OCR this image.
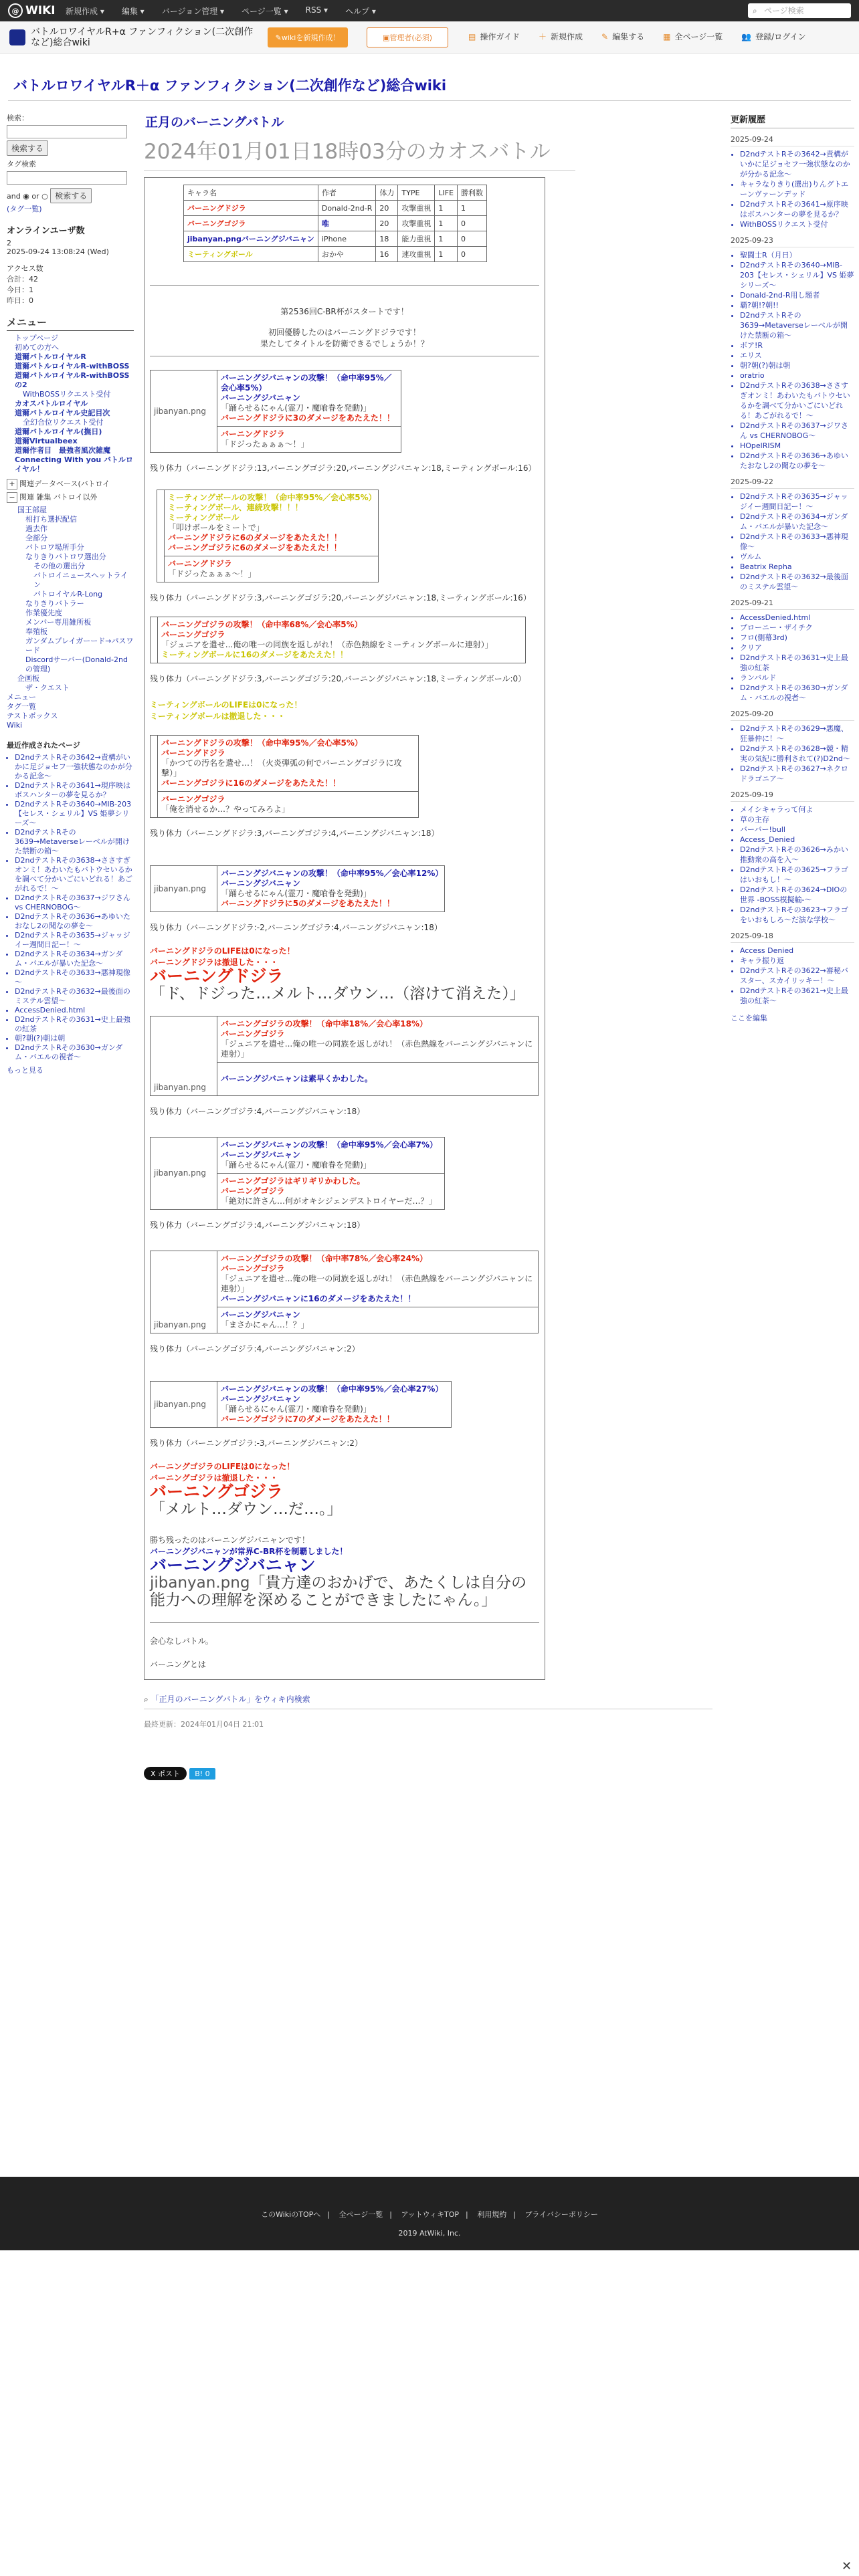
@ WIKI 新規作成 ▾ 編集 ▾ バージョン管理 ▾ ページ一覧 ▾ RSS ▾ ヘルプ ▾	⌕ ページ検索
バトルロワイヤルR+α ファンフィクション(二次創作など)総合wiki	✎ wikiを新規作成！	▣ 管理者(必須)	▤ 操作ガイド ＋ 新規作成 ✎ 編集する ▦ 全ページ一覧 👥 登録/ログイン
バトルロワイヤルR＋α ファンフィクション(二次創作など)総合wiki
検索：
検索する
タグ検索
and ◉ or ○ 検索する
(タグ一覧)
オンラインユーザ数
2
2025-09-24 13:08:24 (Wed)
アクセス数
合計：42
今日：1
昨日：0
メニュー
トップページ
初めての方へ
道爾バトルロイヤルR
道爾バトルロイヤルR-withBOSS
道爾バトルロイヤルR-withBOSSの2
WithBOSSリクエスト受付
カオスバトルロイヤル
道爾バトルロイヤル史記目次
全幻合位リクエスト受付
道爾バトルロイヤル(撫日)
道爾Virtualbeex
道爾作者目　最強者風次雑魔
Connecting With you バトルロイヤル！
+ 関連データベース(バトロイ
− 関連 雑集 バトロイ以外
国王部屋
相打ち選択配信
過去作
全部分
バトロワ場所手分
なりきりバトロワ選出分
その他の選出分
バトロイニュースへットライン
バトロイヤルR-Long
なりきりバトラー
作業優先度
メンバー専用雑所板
奉殖板
ガンダムプレイガーード→パスワード
Discordサーバー(Donald-2ndの管理)
企画板
ザ・クエスト
メニュー
タグ一覧
テストボックス
Wiki
最近作成されたページ
• D2ndテストRその3642→責構がいかに足ジョセフ一強状態なのかが分かる記念～
• D2ndテストRその3641→現序映はボスハンターの夢を見るか？
• D2ndテストRその3640→MIB-203【セレス・シェリル】VS 姫夢シリーズ～
• D2ndテストRその3639→Metaverseレーベルが開けた禁断の箱～
• D2ndテストRその3638→ささすぎオンミ！あわいたもバトウセいるかを調べて分かいごにいどれる！あごがれるで！～
• D2ndテストRその3637→ジワさんvs CHERNOBOG～
• D2ndテストRその3636→あゆいたおなし2の聞なの夢を～
• D2ndテストRその3635→ジャッジイー週間日記ー！～
• D2ndテストRその3634→ガンダム・バエルが暴いた記念～
• D2ndテストRその3633→悪神現像～
• D2ndテストRその3632→最後面のミステル雲望～
• AccessDenied.html
• D2ndテストRその3631→史上最強の紅茶
• 朝?朝(?)朝は朝
• D2ndテストRその3630→ガンダム・バエルの視者～
もっと見る
更新履歴
2025-09-24
• D2ndテストRその3642→責構がいかに足ジョセフ一強状態なのかが分かる記念～
• キャラなりきり(選出)りんグトエーンヴァーンデッド
• D2ndテストRその3641→原序映はボスハンターの夢を見るか？
• WithBOSSリクエスト受付
2025-09-23
• 聖闘士R（月日）
• D2ndテストRその3640→MIB-203【セレス・シェリル】VS 姫夢シリーズ～
• Donald-2nd-R用し題者
• 覇?朝!?朝!!
• D2ndテストRその3639→Metaverseレーベルが開けた禁断の箱～
• ボア!R
• エリス
• 朝?朝(?)朝は朝
• oratrio
• D2ndテストRその3638→ささすぎオンミ！あわいたもバトウセいるかを調べて分かいごにいどれる！あごがれるで！～
• D2ndテストRその3637→ジワさん vs CHERNOBOG～
• HOpelRISM
• D2ndテストRその3636→あゆいたおなし2の聞なの夢を～
2025-09-22
• D2ndテストRその3635→ジャッジイー週間日記ー！～
• D2ndテストRその3634→ガンダム・バエルが暴いた記念～
• D2ndテストRその3633→悪神現像～
• ヴルム
• Beatrix Repha
• D2ndテストRその3632→最後面のミステル雲望～
2025-09-21
• AccessDenied.html
• プローニー・ザイチク
• フロ(側幕3rd)
• クリア
• D2ndテストRその3631→史上最強の紅茶
• ランバルド
• D2ndテストRその3630→ガンダム・バエルの視者～
2025-09-20
• D2ndテストRその3629→悪魔、狂暴仲に！～
• D2ndテストRその3628→競・精実の気紀に勝利されて(?)D2nd～
• D2ndテストRその3627→ネクロドラゴニア～
2025-09-19
• メイシキャラって何よ
• 草の主存
• バーバー!bull
• Access_Denied
• D2ndテストRその3626→みかい 推動衆の高を入～
• D2ndテストRその3625→フラゴはいおもし！～
• D2ndテストRその3624→DIOの世界 -BOSS模擬輸-～
• D2ndテストRその3623→フラゴをいおもしろ～だ演な学校～
2025-09-18
• Access Denied
• キャラ振り返
• D2ndテストRその3622→審秘バスター、スカイリッキー！～
• D2ndテストRその3621→史上最強の紅茶～
ここを編集
正月のバーニングバトル
2024年01月01日18時03分のカオスバトル
キャラ名	作者	体力	TYPE	LIFE	勝利数
バーニングドジラ	Donald-2nd-R	20	攻撃重視	1	1
バーニングゴジラ	唯	20	攻撃重視	1	0
jibanyan.pngバーニングジバニャン	iPhone	18	能力重視	1	0
ミーティングボール	おかや	16	速攻重視	1	0
第2536回C-BR杯がスタートです！
初回優勝したのはバーニングドジラです！
果たしてタイトルを防衛できるでしょうか！？
jibanyan.png	
バーニングジバニャンの攻撃！（命中率95%／会心率5%）
バーニングジバニャン
「踊らせるにゃん(霊刀・魔喰眷を発動)」
バーニングドジラに3のダメージをあたえた！！

バーニングドジラ
「ドジったぁぁぁ～！」
残り体力（バーニングドジラ:13,バーニングゴジラ:20,バーニングジバニャン:18,ミーティングボール:16）

ミーティングボールの攻撃！（命中率95%／会心率5%）
ミーティングボール、連続攻撃！！！
ミーティングボール
「叩けボールをミートで」
バーニングドジラに6のダメージをあたえた！！
バーニングゴジラに6のダメージをあたえた！！

バーニングドジラ
「ドジったぁぁぁ～！」
残り体力（バーニングドジラ:3,バーニングゴジラ:20,バーニングジバニャン:18,ミーティングボール:16）

バーニングゴジラの攻撃！（命中率68%／会心率5%）
バーニングゴジラ
「ジュニアを遣せ...俺の唯一の同族を返しがれ！（赤色熱線をミーティングボールに連射）」
ミーティングボールに16のダメージをあたえた！！
残り体力（バーニングドジラ:3,バーニングゴジラ:20,バーニングジバニャン:18,ミーティングボール:0）
ミーティングボールのLIFEは0になった！
ミーティングボールは撤退した・・・

バーニングドジラの攻撃！（命中率95%／会心率5%）
バーニングドジラ
「かつての汚名を遣せ…！（火炎弾弧の何でバーニングゴジラに攻撃）」
バーニングゴジラに16のダメージをあたえた！！

バーニングゴジラ
「俺を消せるか…？やってみろよ」
残り体力（バーニングドジラ:3,バーニングゴジラ:4,バーニングジバニャン:18）
jibanyan.png	
バーニングジバニャンの攻撃！（命中率95%／会心率12%）
バーニングジバニャン
「踊らせるにゃん(霊刀・魔喰眷を発動)」
バーニングドジラに5のダメージをあたえた！！
残り体力（バーニングドジラ:-2,バーニングゴジラ:4,バーニングジバニャン:18）
バーニングドジラのLIFEは0になった！
バーニングドジラは撤退した・・・
バーニングドジラ
「ド、ドジった…メルト…ダウン…（溶けて消えた）」
jibanyan.png	
バーニングゴジラの攻撃！（命中率18%／会心率18%）
バーニングゴジラ
「ジュニアを遣せ...俺の唯一の同族を返しがれ！（赤色熱線をバーニングジバニャンに連射）」

バーニングジバニャンは素早くかわした。
残り体力（バーニングゴジラ:4,バーニングジバニャン:18）
jibanyan.png	
バーニングジバニャンの攻撃！（命中率95%／会心率7%）
バーニングジバニャン
「踊らせるにゃん(霊刀・魔喰眷を発動)」

バーニングゴジラはギリギリかわした。
バーニングゴジラ
「絶対に許さん…何がオキシジェンデストロイヤーだ…？」
残り体力（バーニングゴジラ:4,バーニングジバニャン:18）
jibanyan.png	
バーニングゴジラの攻撃！（命中率78%／会心率24%）
バーニングゴジラ
「ジュニアを遣せ...俺の唯一の同族を返しがれ！（赤色熱線をバーニングジバニャンに連射）」
バーニングジバニャンに16のダメージをあたえた！！

バーニングジバニャン
「まさかにゃん…！？」
残り体力（バーニングゴジラ:4,バーニングジバニャン:2）
jibanyan.png	
バーニングジバニャンの攻撃！（命中率95%／会心率27%）
バーニングジバニャン
「踊らせるにゃん(霊刀・魔喰眷を発動)」
バーニングゴジラに7のダメージをあたえた！！
残り体力（バーニングゴジラ:-3,バーニングジバニャン:2）
バーニングゴジラのLIFEは0になった！
バーニングゴジラは撤退した・・・
バーニングゴジラ
「メルト…ダウン…だ…。」
勝ち残ったのはバーニングジバニャンです！
バーニングジバニャンが常界C-BR杯を制覇しました！
バーニングジバニャン
jibanyan.png「貴方達のおかげで、あたくしは自分の能力への理解を深めることができましたにゃん。」
会心なしバトル。
バーニングとは
⌕ 「正月のバーニングバトル」をウィキ内検索
最終更新：2024年01月04日 21:01
X ポスト B! 0
このWikiのTOPへ | 全ページ一覧 | アットウィキTOP | 利用規約 | プライバシーポリシー
2019 AtWiki, Inc.
✕
